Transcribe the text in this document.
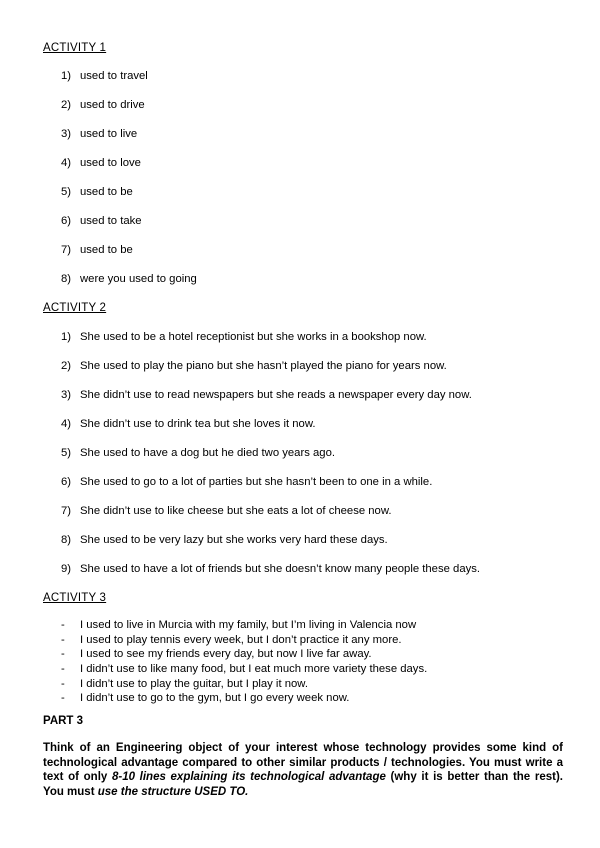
ACTIVITY 1
1) used to travel
2) used to drive
3) used to live
4) used to love
5) used to be
6) used to take
7) used to be
8) were you used to going
ACTIVITY 2
1) She used to be a hotel receptionist but she works in a bookshop now.
2) She used to play the piano but she hasn’t played the piano for years now.
3) She didn’t use to read newspapers but she reads a newspaper every day now.
4) She didn’t use to drink tea but she loves it now.
5) She used to have a dog but he died two years ago.
6) She used to go to a lot of parties but she hasn’t been to one in a while.
7) She didn’t use to like cheese but she eats a lot of cheese now.
8) She used to be very lazy but she works very hard these days.
9) She used to have a lot of friends but she doesn’t know many people these days.
ACTIVITY 3
- I used to live in Murcia with my family, but I’m living in Valencia now
- I used to play tennis every week, but I don’t practice it any more.
- I used to see my friends every day, but now I live far away.
- I didn’t use to like many food, but I eat much more variety these days.
- I didn’t use to play the guitar, but I play it now.
- I didn’t use to go to the gym, but I go every week now.
PART 3
Think of an Engineering object of your interest whose technology provides some kind of technological advantage compared to other similar products / technologies. You must write a text of only 8-10 lines explaining its technological advantage (why it is better than the rest). You must use the structure USED TO.
